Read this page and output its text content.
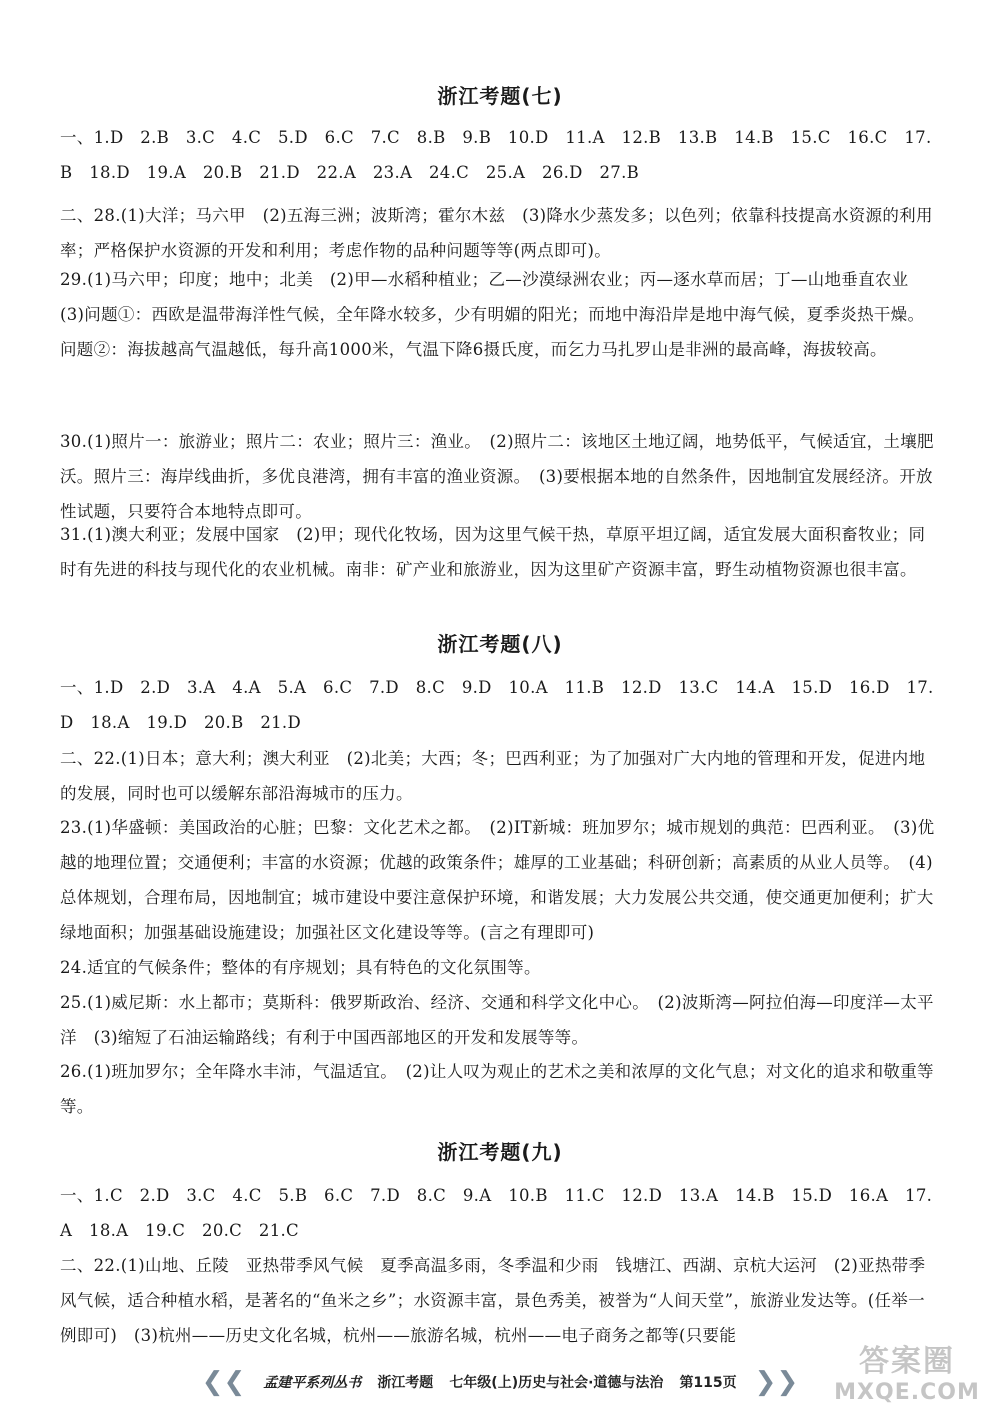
浙江考题(七)

一、1.D　2.B　3.C　4.C　5.D　6.C　7.C　8.B　9.B　10.D　11.A　12.B　13.B　14.B　15.C　16.C　17.B　18.D　19.A　20.B　21.D　22.A　23.A　24.C　25.A　26.D　27.B

二、28.(1)大洋；马六甲　(2)五海三洲；波斯湾；霍尔木兹　(3)降水少蒸发多；以色列；依靠科技提高水资源的利用率；严格保护水资源的开发和利用；考虑作物的品种问题等等(两点即可)。

29.(1)马六甲；印度；地中；北美　(2)甲—水稻种植业；乙—沙漠绿洲农业；丙—逐水草而居；丁—山地垂直农业　(3)问题①：西欧是温带海洋性气候，全年降水较多，少有明媚的阳光；而地中海沿岸是地中海气候，夏季炎热干燥。问题②：海拔越高气温越低，每升高1000米，气温下降6摄氏度，而乞力马扎罗山是非洲的最高峰，海拔较高。

30.(1)照片一：旅游业；照片二：农业；照片三：渔业。　(2)照片二：该地区土地辽阔，地势低平，气候适宜，土壤肥沃。照片三：海岸线曲折，多优良港湾，拥有丰富的渔业资源。　(3)要根据本地的自然条件，因地制宜发展经济。开放性试题，只要符合本地特点即可。

31.(1)澳大利亚；发展中国家　(2)甲；现代化牧场，因为这里气候干热，草原平坦辽阔，适宜发展大面积畜牧业；同时有先进的科技与现代化的农业机械。南非：矿产业和旅游业，因为这里矿产资源丰富，野生动植物资源也很丰富。

浙江考题(八)

一、1.D　2.D　3.A　4.A　5.A　6.C　7.D　8.C　9.D　10.A　11.B　12.D　13.C　14.A　15.D　16.D　17.D　18.A　19.D　20.B　21.D

二、22.(1)日本；意大利；澳大利亚　(2)北美；大西；冬；巴西利亚；为了加强对广大内地的管理和开发，促进内地的发展，同时也可以缓解东部沿海城市的压力。

23.(1)华盛顿：美国政治的心脏；巴黎：文化艺术之都。　(2)IT新城：班加罗尔；城市规划的典范：巴西利亚。　(3)优越的地理位置；交通便利；丰富的水资源；优越的政策条件；雄厚的工业基础；科研创新；高素质的从业人员等。　(4)总体规划，合理布局，因地制宜；城市建设中要注意保护环境，和谐发展；大力发展公共交通，使交通更加便利；扩大绿地面积；加强基础设施建设；加强社区文化建设等等。(言之有理即可)

24.适宜的气候条件；整体的有序规划；具有特色的文化氛围等。

25.(1)威尼斯：水上都市；莫斯科：俄罗斯政治、经济、交通和科学文化中心。　(2)波斯湾—阿拉伯海—印度洋—太平洋　(3)缩短了石油运输路线；有利于中国西部地区的开发和发展等等。

26.(1)班加罗尔；全年降水丰沛，气温适宜。　(2)让人叹为观止的艺术之美和浓厚的文化气息；对文化的追求和敬重等等。

浙江考题(九)

一、1.C　2.D　3.C　4.C　5.B　6.C　7.D　8.C　9.A　10.B　11.C　12.D　13.A　14.B　15.D　16.A　17.A　18.A　19.C　20.C　21.C

二、22.(1)山地、丘陵　亚热带季风气候　夏季高温多雨，冬季温和少雨　钱塘江、西湖、京杭大运河　(2)亚热带季风气候，适合种植水稻，是著名的“鱼米之乡”；水资源丰富，景色秀美，被誉为“人间天堂”，旅游业发达等。(任举一例即可)　(3)杭州——历史文化名城，杭州——旅游名城，杭州——电子商务之都等(只要能

❮❮ 孟建平系列丛书 浙江考题 七年级(上)历史与社会·道德与法治 第115页 ❯❯
答案圈
MXQE.COM
